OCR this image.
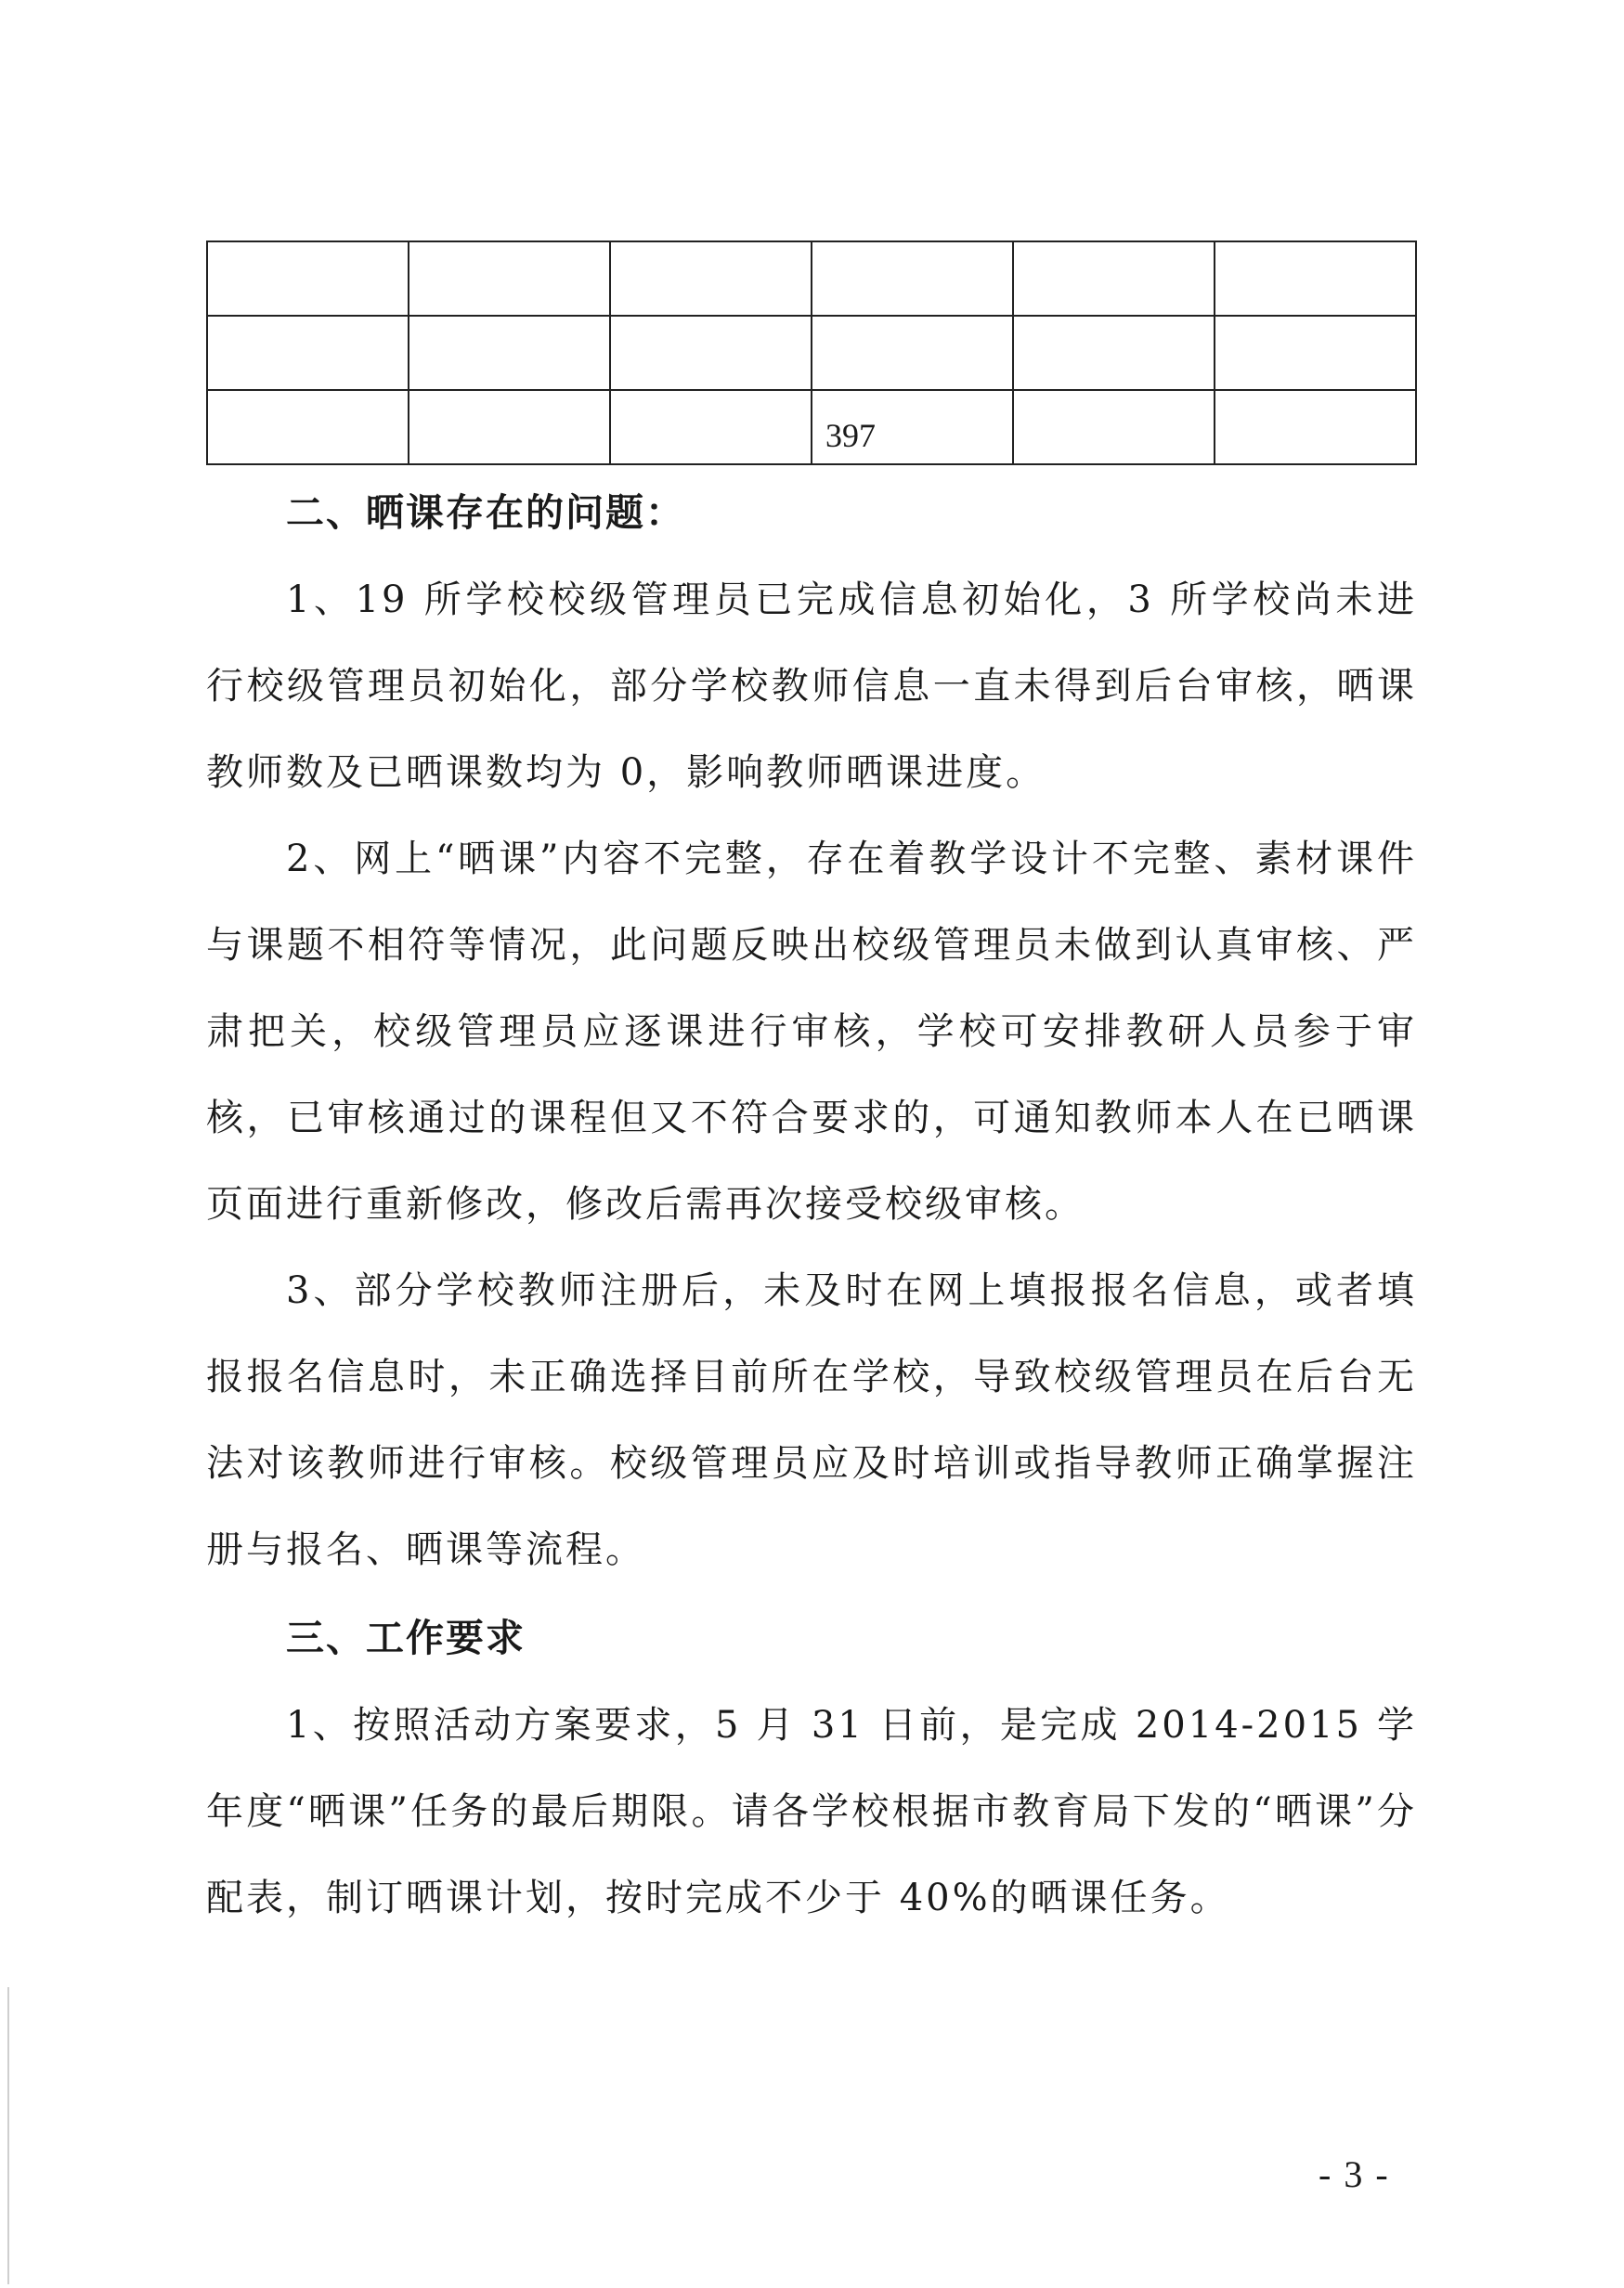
			397		
二、晒课存在的问题：

1、19 所学校校级管理员已完成信息初始化，3 所学校尚未进行校级管理员初始化，部分学校教师信息一直未得到后台审核，晒课教师数及已晒课数均为 0，影响教师晒课进度。

2、网上“晒课”内容不完整，存在着教学设计不完整、素材课件与课题不相符等情况，此问题反映出校级管理员未做到认真审核、严肃把关，校级管理员应逐课进行审核，学校可安排教研人员参于审核，已审核通过的课程但又不符合要求的，可通知教师本人在已晒课页面进行重新修改，修改后需再次接受校级审核。

3、部分学校教师注册后，未及时在网上填报报名信息，或者填报报名信息时，未正确选择目前所在学校，导致校级管理员在后台无法对该教师进行审核。校级管理员应及时培训或指导教师正确掌握注册与报名、晒课等流程。

三、工作要求

1、按照活动方案要求，5 月 31 日前，是完成 2014-2015 学年度“晒课”任务的最后期限。请各学校根据市教育局下发的“晒课”分配表，制订晒课计划，按时完成不少于 40%的晒课任务。

- 3 -
